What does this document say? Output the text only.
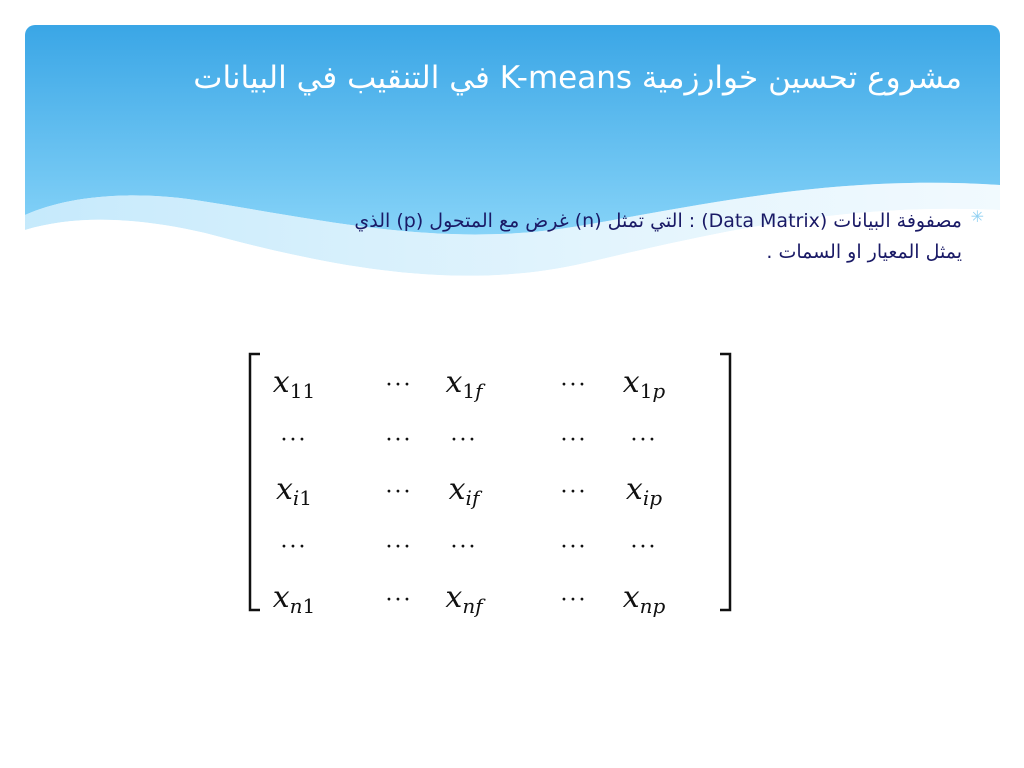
مشروع تحسين خوارزمية K-means في التنقيب في البيانات
✳
مصفوفة البيانات (Data Matrix) : التي تمثل (n) غرض مع المتحول (p) الذي
يمثل المعيار او السمات .
$x_{11}$	···	$x_{1f}$	···	$x_{1p}$
···	···	···	···	···
$x_{i1}$	···	$x_{if}$	···	$x_{ip}$
···	···	···	···	···
$x_{n1}$	···	$x_{nf}$	···	$x_{np}$
